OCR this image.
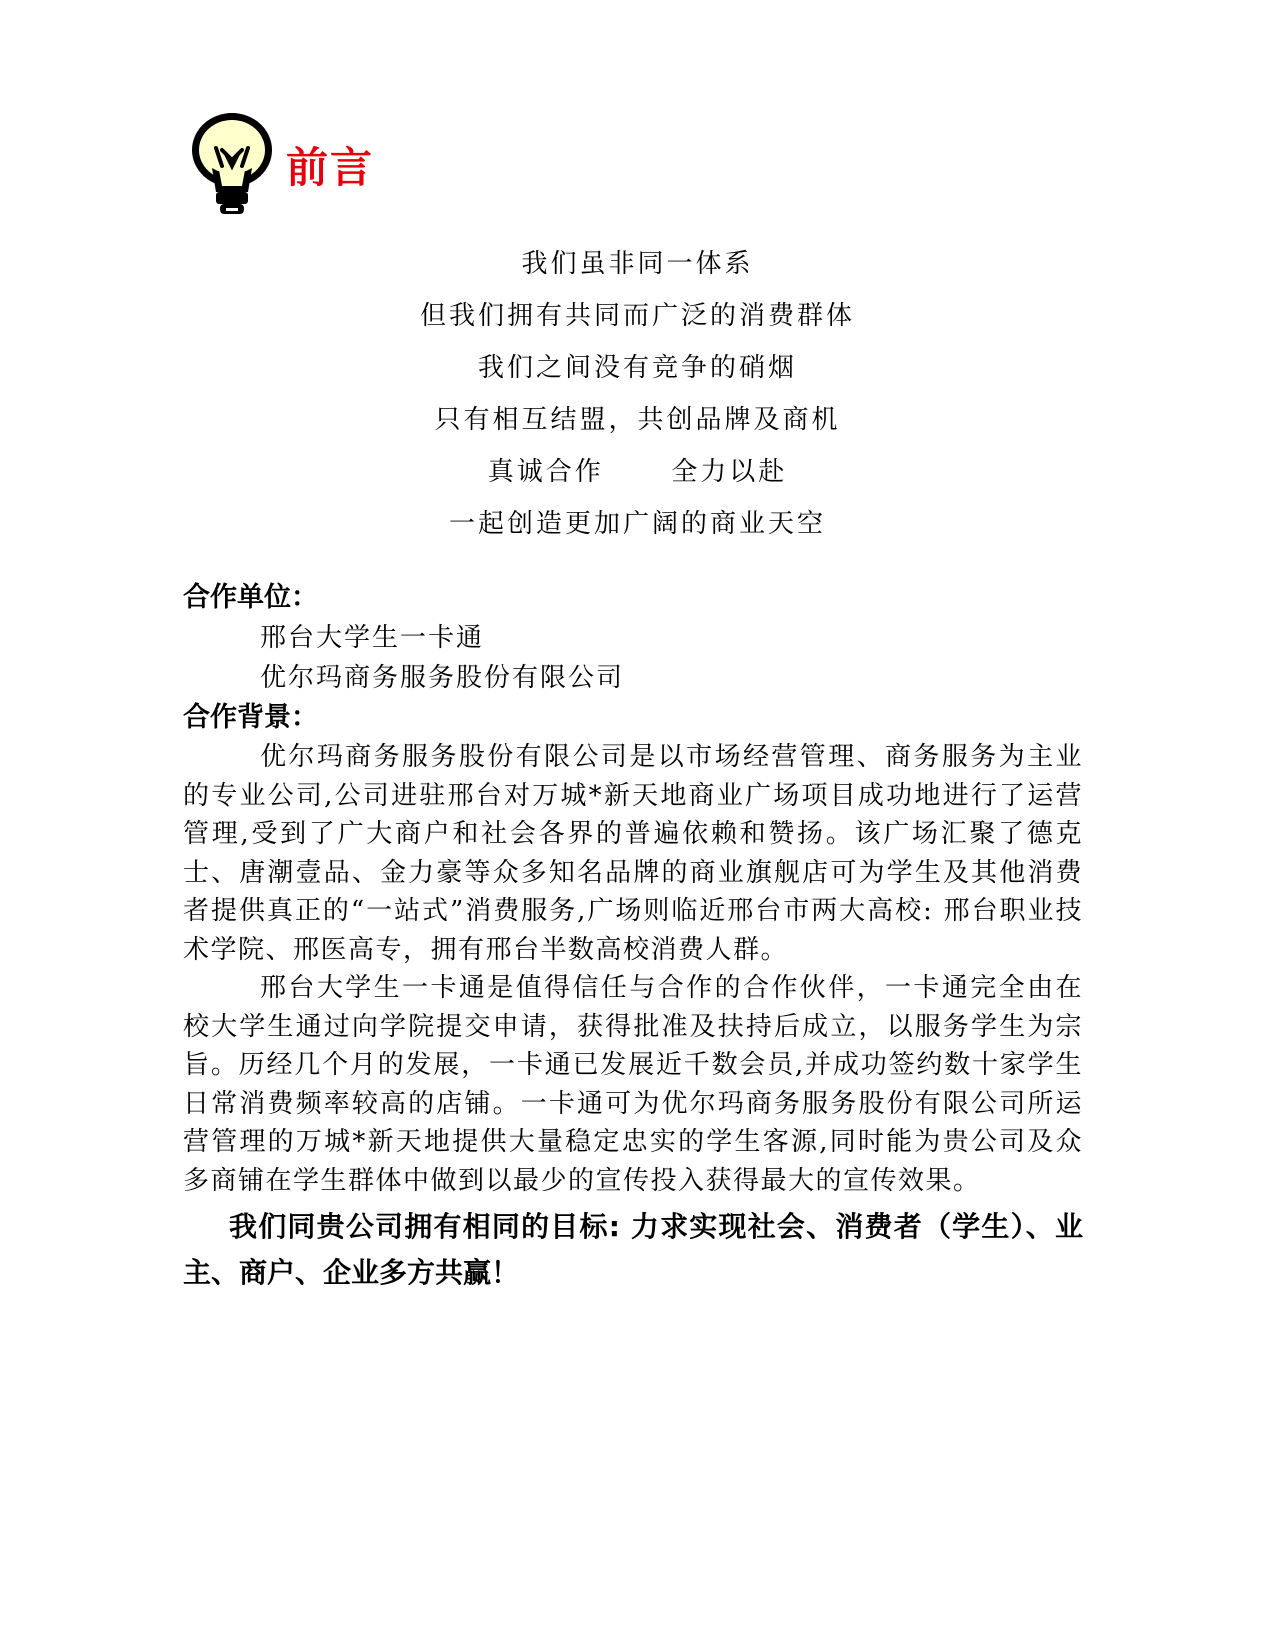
前言
我们虽非同一体系
但我们拥有共同而广泛的消费群体
我们之间没有竞争的硝烟
只有相互结盟，共创品牌及商机
真诚合作      全力以赴
一起创造更加广阔的商业天空
合作单位：
邢台大学生一卡通
优尔玛商务服务股份有限公司
合作背景：

优尔玛商务服务股份有限公司是以市场经营管理、商务服务为主业的专业公司,公司进驻邢台对万城*新天地商业广场项目成功地进行了运营管理,受到了广大商户和社会各界的普遍依赖和赞扬。该广场汇聚了德克士、唐潮壹品、金力豪等众多知名品牌的商业旗舰店可为学生及其他消费者提供真正的“一站式”消费服务,广场则临近邢台市两大高校: 邢台职业技术学院、邢医高专，拥有邢台半数高校消费人群。

邢台大学生一卡通是值得信任与合作的合作伙伴，一卡通完全由在校大学生通过向学院提交申请，获得批准及扶持后成立，以服务学生为宗旨。历经几个月的发展，一卡通已发展近千数会员,并成功签约数十家学生日常消费频率较高的店铺。一卡通可为优尔玛商务服务股份有限公司所运营管理的万城*新天地提供大量稳定忠实的学生客源,同时能为贵公司及众多商铺在学生群体中做到以最少的宣传投入获得最大的宣传效果。

我们同贵公司拥有相同的目标: 力求实现社会、消费者（学生）、业主、商户、企业多方共赢！
